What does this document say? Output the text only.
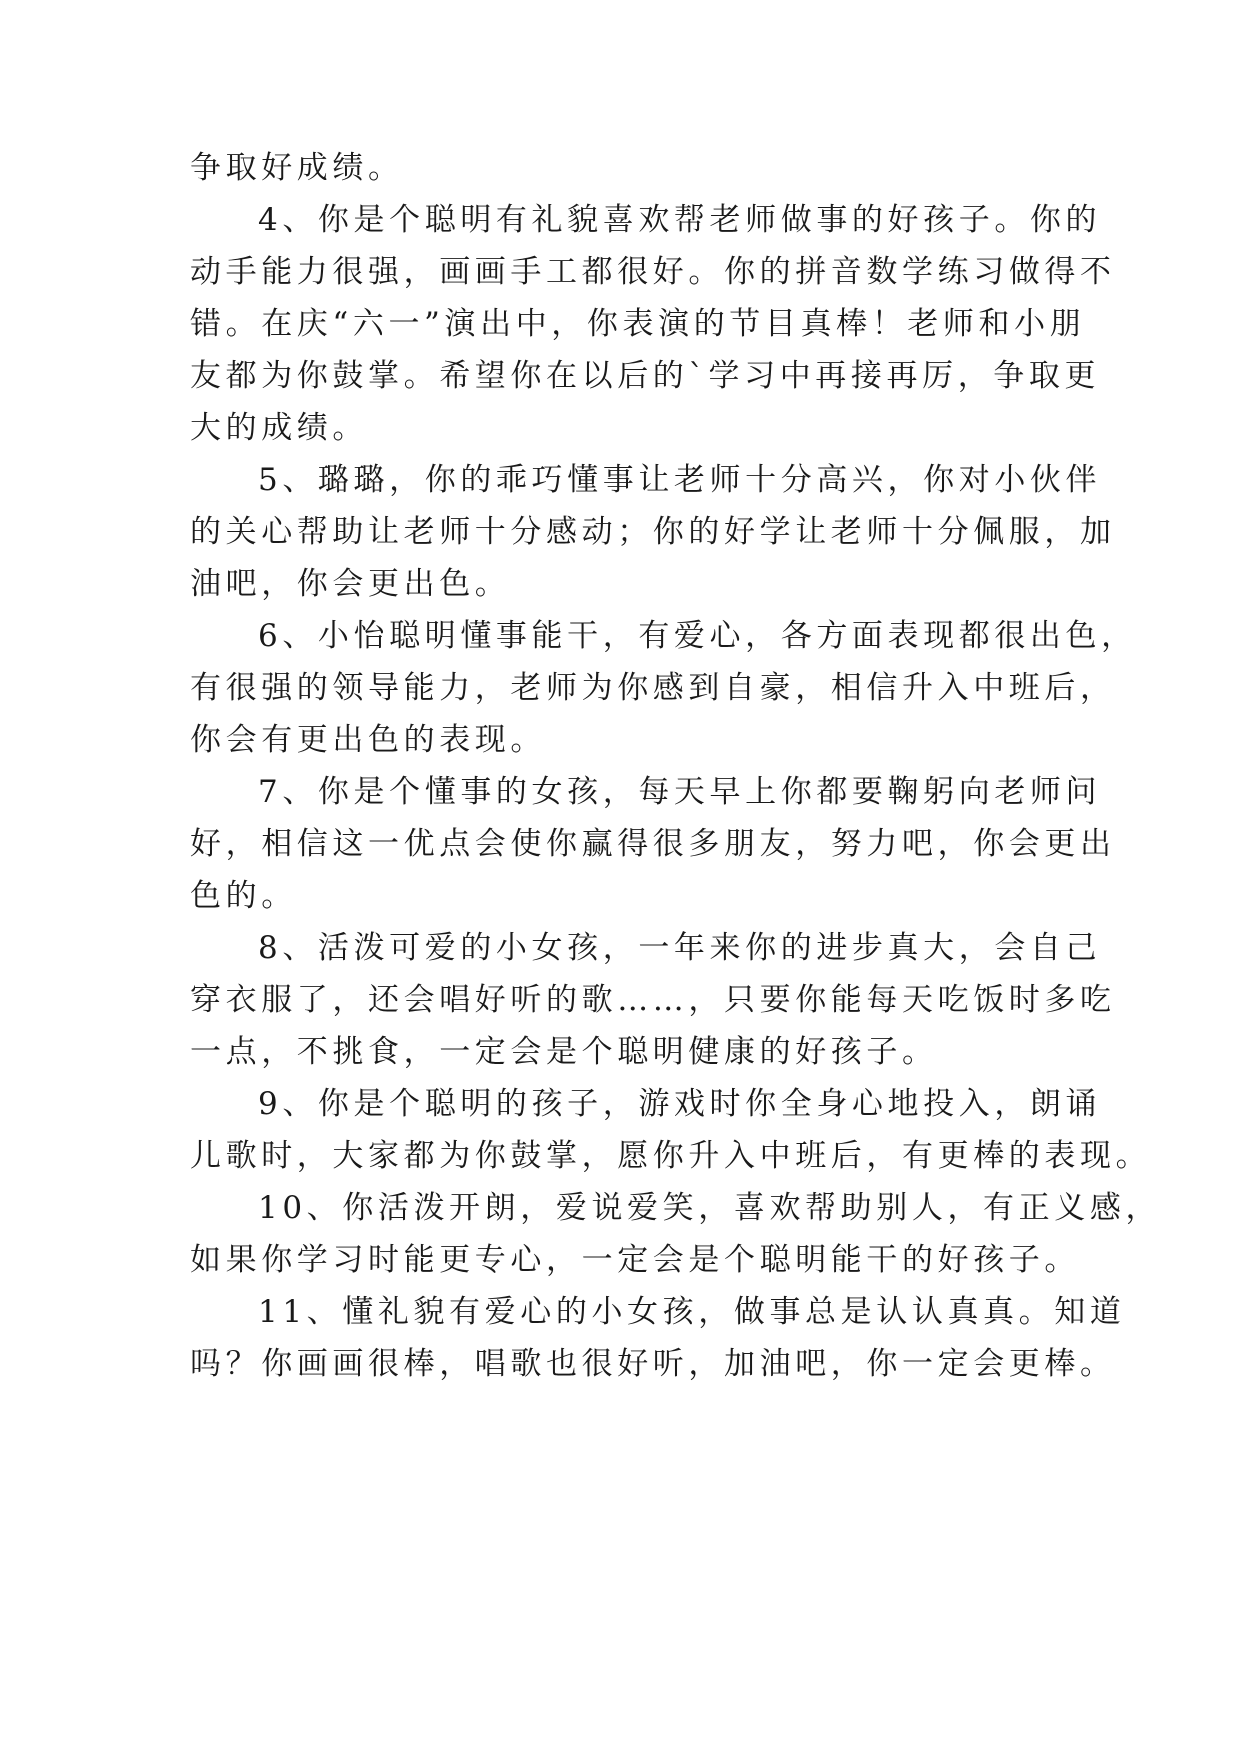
争取好成绩。
4、你是个聪明有礼貌喜欢帮老师做事的好孩子。你的
动手能力很强，画画手工都很好。你的拼音数学练习做得不
错。在庆“六一”演出中，你表演的节目真棒！老师和小朋
友都为你鼓掌。希望你在以后的`学习中再接再厉，争取更
大的成绩。
5、璐璐，你的乖巧懂事让老师十分高兴，你对小伙伴
的关心帮助让老师十分感动；你的好学让老师十分佩服，加
油吧，你会更出色。
6、小怡聪明懂事能干，有爱心，各方面表现都很出色，
有很强的领导能力，老师为你感到自豪，相信升入中班后，
你会有更出色的表现。
7、你是个懂事的女孩，每天早上你都要鞠躬向老师问
好，相信这一优点会使你赢得很多朋友，努力吧，你会更出
色的。
8、活泼可爱的小女孩，一年来你的进步真大，会自己
穿衣服了，还会唱好听的歌……，只要你能每天吃饭时多吃
一点，不挑食，一定会是个聪明健康的好孩子。
9、你是个聪明的孩子，游戏时你全身心地投入，朗诵
儿歌时，大家都为你鼓掌，愿你升入中班后，有更棒的表现。
10、你活泼开朗，爱说爱笑，喜欢帮助别人，有正义感，
如果你学习时能更专心，一定会是个聪明能干的好孩子。
11、懂礼貌有爱心的小女孩，做事总是认认真真。知道
吗？你画画很棒，唱歌也很好听，加油吧，你一定会更棒。
